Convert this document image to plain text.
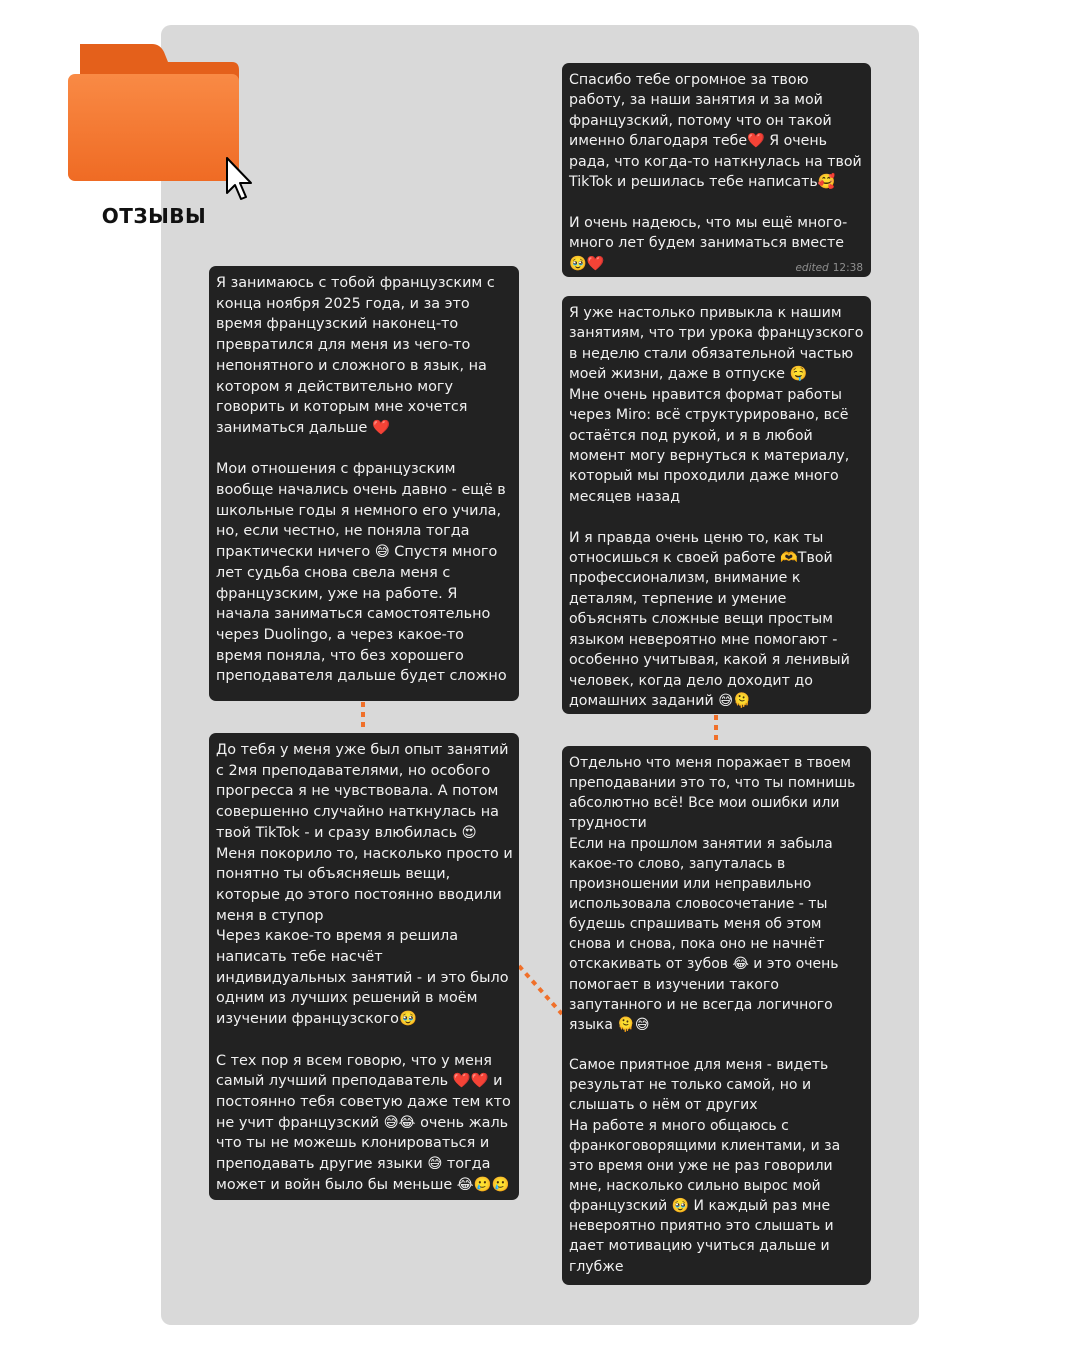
ОТЗЫВЫ

Спасибо тебе огромное за твою работу, за наши занятия и за мой французский, потому что он такой именно благодаря тебе❤️ Я очень рада, что когда-то наткнулась на твой TikTok и решилась тебе написать🥰

И очень надеюсь, что мы ещё много-много лет будем заниматься вместе 🥹❤️	edited 12:38

Я занимаюсь с тобой французским с конца ноября 2025 года, и за это время французский наконец-то превратился для меня из чего-то непонятного и сложного в язык, на котором я действительно могу говорить и которым мне хочется заниматься дальше ❤️

Мои отношения с французским вообще начались очень давно - ещё в школьные годы я немного его учила, но, если честно, не поняла тогда практически ничего 😅 Спустя много лет судьба снова свела меня с французским, уже на работе. Я начала заниматься самостоятельно через Duolingo, а через какое-то время поняла, что без хорошего преподавателя дальше будет сложно

Я уже настолько привыкла к нашим занятиям, что три урока французского в неделю стали обязательной частью моей жизни, даже в отпуске 🤤
Мне очень нравится формат работы через Miro: всё структурировано, всё остаётся под рукой, и я в любой момент могу вернуться к материалу, который мы проходили даже много месяцев назад

И я правда очень ценю то, как ты относишься к своей работе 🫶Твой профессионализм, внимание к деталям, терпение и умение объяснять сложные вещи простым языком невероятно мне помогают - особенно учитывая, какой я ленивый человек, когда дело доходит до домашних заданий 😅🫠

До тебя у меня уже был опыт занятий с 2мя преподавателями, но особого прогресса я не чувствовала. А потом совершенно случайно наткнулась на твой TikTok - и сразу влюбилась 😍
Меня покорило то, насколько просто и понятно ты объясняешь вещи, которые до этого постоянно вводили меня в ступор
Через какое-то время я решила написать тебе насчёт индивидуальных занятий - и это было одним из лучших решений в моём изучении французского🥹

С тех пор я всем говорю, что у меня самый лучший преподаватель ❤️❤️ и постоянно тебя советую даже тем кто не учит французский 😅😂 очень жаль что ты не можешь клонироваться и преподавать другие языки 😅 тогда может и войн было бы меньше 😂🥲🥲

Отдельно что меня поражает в твоем преподавании это то, что ты помнишь абсолютно всё! Все мои ошибки или трудности
Если на прошлом занятии я забыла какое-то слово, запуталась в произношении или неправильно использовала словосочетание - ты будешь спрашивать меня об этом снова и снова, пока оно не начнёт отскакивать от зубов 😂 и это очень помогает в изучении такого запутанного и не всегда логичного языка 🫠😅

Самое приятное для меня - видеть результат не только самой, но и слышать о нём от других
На работе я много общаюсь с франкоговорящими клиентами, и за это время они уже не раз говорили мне, насколько сильно вырос мой французский 🥹 И каждый раз мне невероятно приятно это слышать и дает мотивацию учиться дальше и глубже
